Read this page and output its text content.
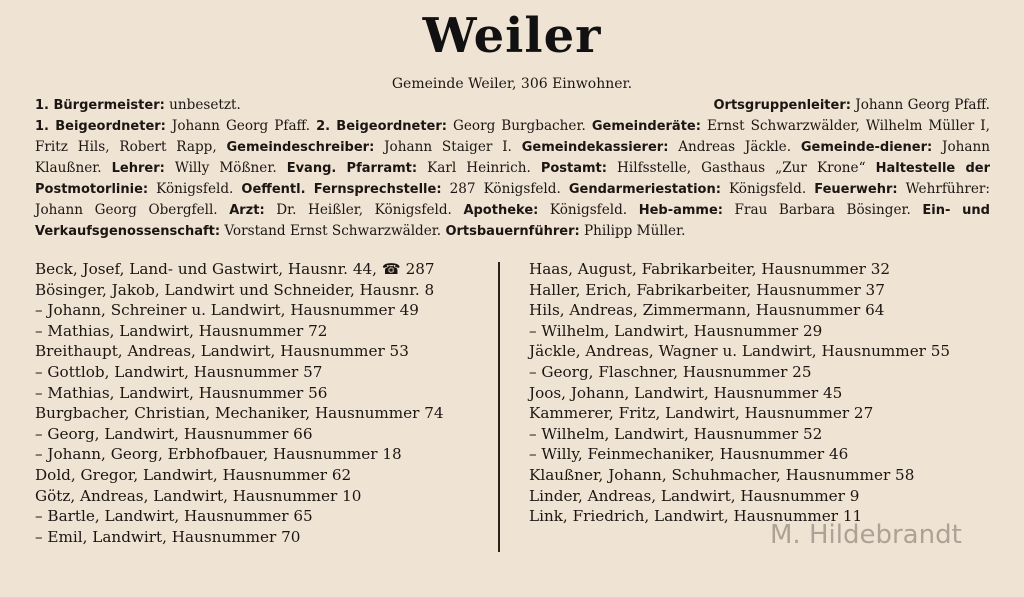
Weiler
Gemeinde Weiler, 306 Einwohner.
1. Bürgermeister: unbesetzt.	Ortsgruppenleiter: Johann Georg Pfaff.
1. Beigeordneter: Johann Georg Pfaff. 2. Beigeordneter: Georg Burgbacher. Gemeinderäte: Ernst Schwarzwälder, Wilhelm Müller I, Fritz Hils, Robert Rapp, Gemeindeschreiber: Johann Staiger I. Gemeindekassierer: Andreas Jäckle. Gemeinde-diener: Johann Klaußner. Lehrer: Willy Mößner. Evang. Pfarramt: Karl Heinrich. Postamt: Hilfsstelle, Gasthaus „Zur Krone“ Haltestelle der Postmotorlinie: Königsfeld. Oeffentl. Fernsprechstelle: 287 Königsfeld. Gendarmeriestation: Königsfeld. Feuerwehr: Wehrführer: Johann Georg Obergfell. Arzt: Dr. Heißler, Königsfeld. Apotheke: Königsfeld. Heb-amme: Frau Barbara Bösinger. Ein- und Verkaufsgenossenschaft: Vorstand Ernst Schwarzwälder. Ortsbauernführer: Philipp Müller.
Beck, Josef, Land- und Gastwirt, Hausnr. 44, ☎ 287
Bösinger, Jakob, Landwirt und Schneider, Hausnr. 8
– Johann, Schreiner u. Landwirt, Hausnummer 49
– Mathias, Landwirt, Hausnummer 72
Breithaupt, Andreas, Landwirt, Hausnummer 53
– Gottlob, Landwirt, Hausnummer 57
– Mathias, Landwirt, Hausnummer 56
Burgbacher, Christian, Mechaniker, Hausnummer 74
– Georg, Landwirt, Hausnummer 66
– Johann, Georg, Erbhofbauer, Hausnummer 18
Dold, Gregor, Landwirt, Hausnummer 62
Götz, Andreas, Landwirt, Hausnummer 10
– Bartle, Landwirt, Hausnummer 65
– Emil, Landwirt, Hausnummer 70
Haas, August, Fabrikarbeiter, Hausnummer 32
Haller, Erich, Fabrikarbeiter, Hausnummer 37
Hils, Andreas, Zimmermann, Hausnummer 64
– Wilhelm, Landwirt, Hausnummer 29
Jäckle, Andreas, Wagner u. Landwirt, Hausnummer 55
– Georg, Flaschner, Hausnummer 25
Joos, Johann, Landwirt, Hausnummer 45
Kammerer, Fritz, Landwirt, Hausnummer 27
– Wilhelm, Landwirt, Hausnummer 52
– Willy, Feinmechaniker, Hausnummer 46
Klaußner, Johann, Schuhmacher, Hausnummer 58
Linder, Andreas, Landwirt, Hausnummer 9
Link, Friedrich, Landwirt, Hausnummer 11
M. Hildebrandt
